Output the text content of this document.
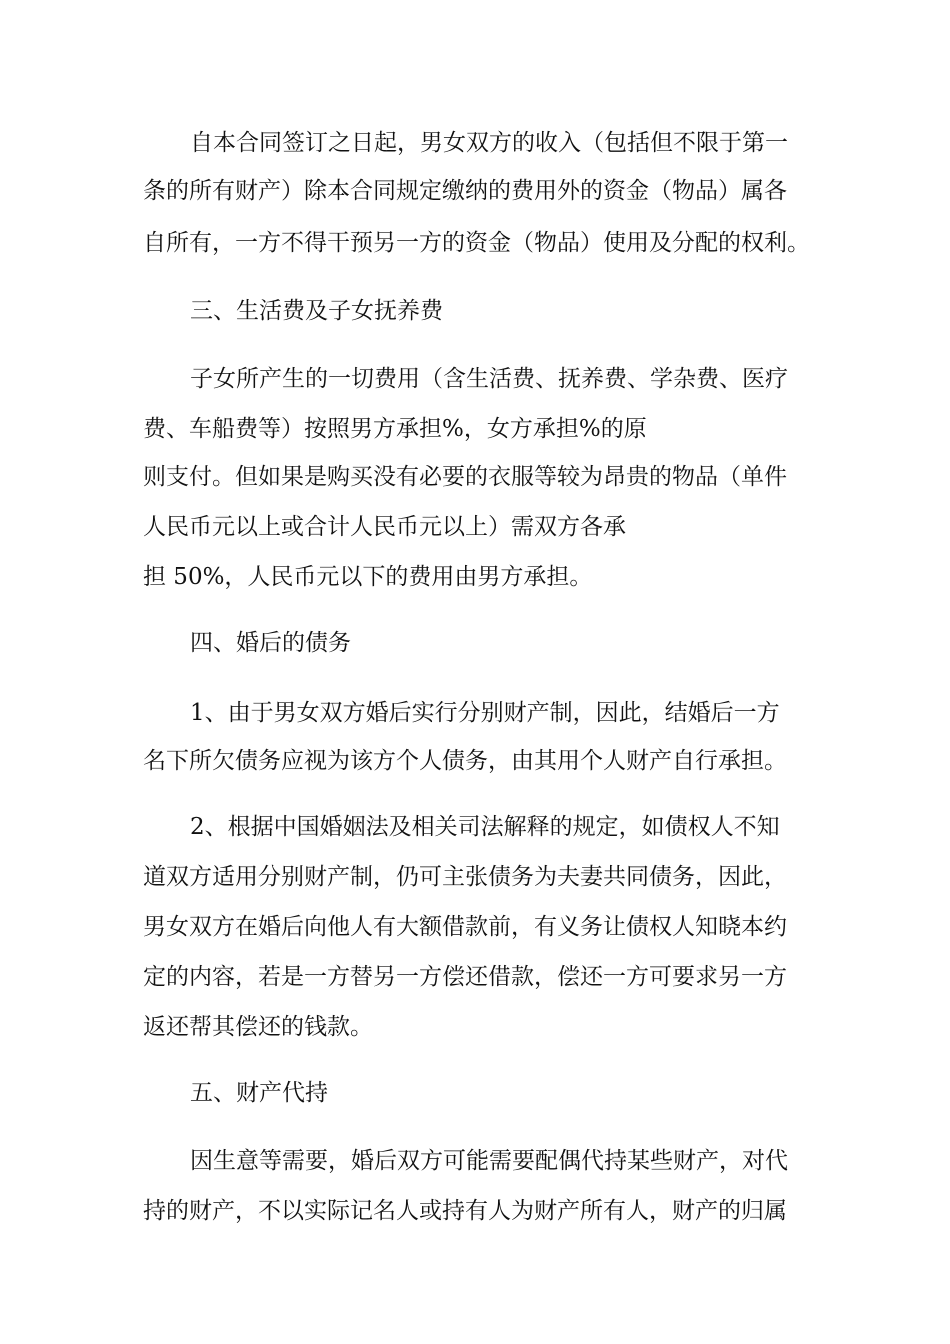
自本合同签订之日起，男女双方的收入（包括但不限于第一
条的所有财产）除本合同规定缴纳的费用外的资金（物品）属各
自所有，一方不得干预另一方的资金（物品）使用及分配的权利。
三、生活费及子女抚养费
子女所产生的一切费用（含生活费、抚养费、学杂费、医疗
费、车船费等）按照男方承担%，女方承担%的原
则支付。但如果是购买没有必要的衣服等较为昂贵的物品（单件
人民币元以上或合计人民币元以上）需双方各承
担 50%，人民币元以下的费用由男方承担。
四、婚后的债务
1、由于男女双方婚后实行分别财产制，因此，结婚后一方
名下所欠债务应视为该方个人债务，由其用个人财产自行承担。
2、根据中国婚姻法及相关司法解释的规定，如债权人不知
道双方适用分别财产制，仍可主张债务为夫妻共同债务，因此，
男女双方在婚后向他人有大额借款前，有义务让债权人知晓本约
定的内容，若是一方替另一方偿还借款，偿还一方可要求另一方
返还帮其偿还的钱款。
五、财产代持
因生意等需要，婚后双方可能需要配偶代持某些财产，对代
持的财产，不以实际记名人或持有人为财产所有人，财产的归属
